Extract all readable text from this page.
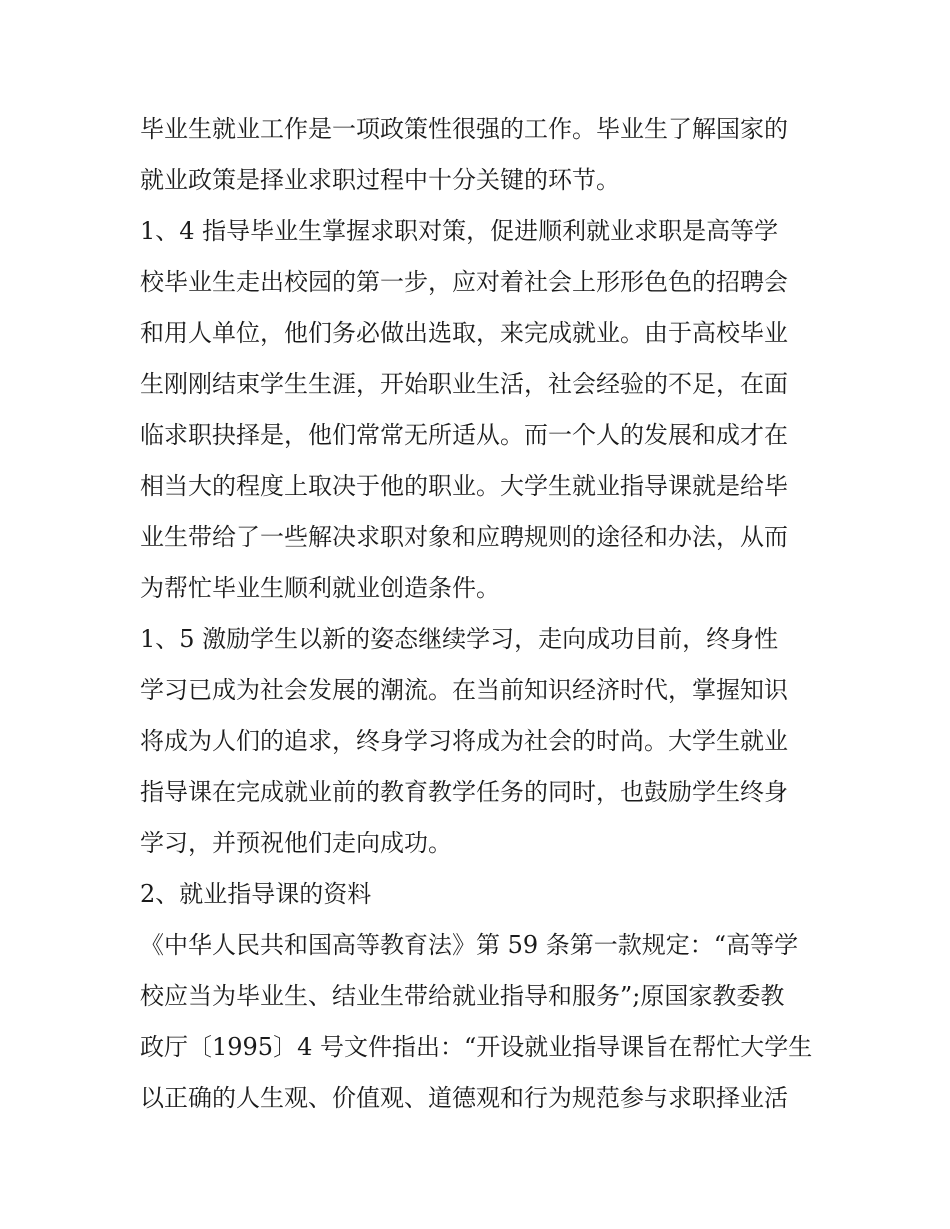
毕业生就业工作是一项政策性很强的工作。毕业生了解国家的
就业政策是择业求职过程中十分关键的环节。
1、4 指导毕业生掌握求职对策，促进顺利就业求职是高等学
校毕业生走出校园的第一步，应对着社会上形形色色的招聘会
和用人单位，他们务必做出选取，来完成就业。由于高校毕业
生刚刚结束学生生涯，开始职业生活，社会经验的不足，在面
临求职抉择是，他们常常无所适从。而一个人的发展和成才在
相当大的程度上取决于他的职业。大学生就业指导课就是给毕
业生带给了一些解决求职对象和应聘规则的途径和办法，从而
为帮忙毕业生顺利就业创造条件。
1、5 激励学生以新的姿态继续学习，走向成功目前，终身性
学习已成为社会发展的潮流。在当前知识经济时代，掌握知识
将成为人们的追求，终身学习将成为社会的时尚。大学生就业
指导课在完成就业前的教育教学任务的同时，也鼓励学生终身
学习，并预祝他们走向成功。
2、就业指导课的资料
《中华人民共和国高等教育法》第 59 条第一款规定：“高等学
校应当为毕业生、结业生带给就业指导和服务”;原国家教委教
政厅〔1995〕4 号文件指出：“开设就业指导课旨在帮忙大学生
以正确的人生观、价值观、道德观和行为规范参与求职择业活
